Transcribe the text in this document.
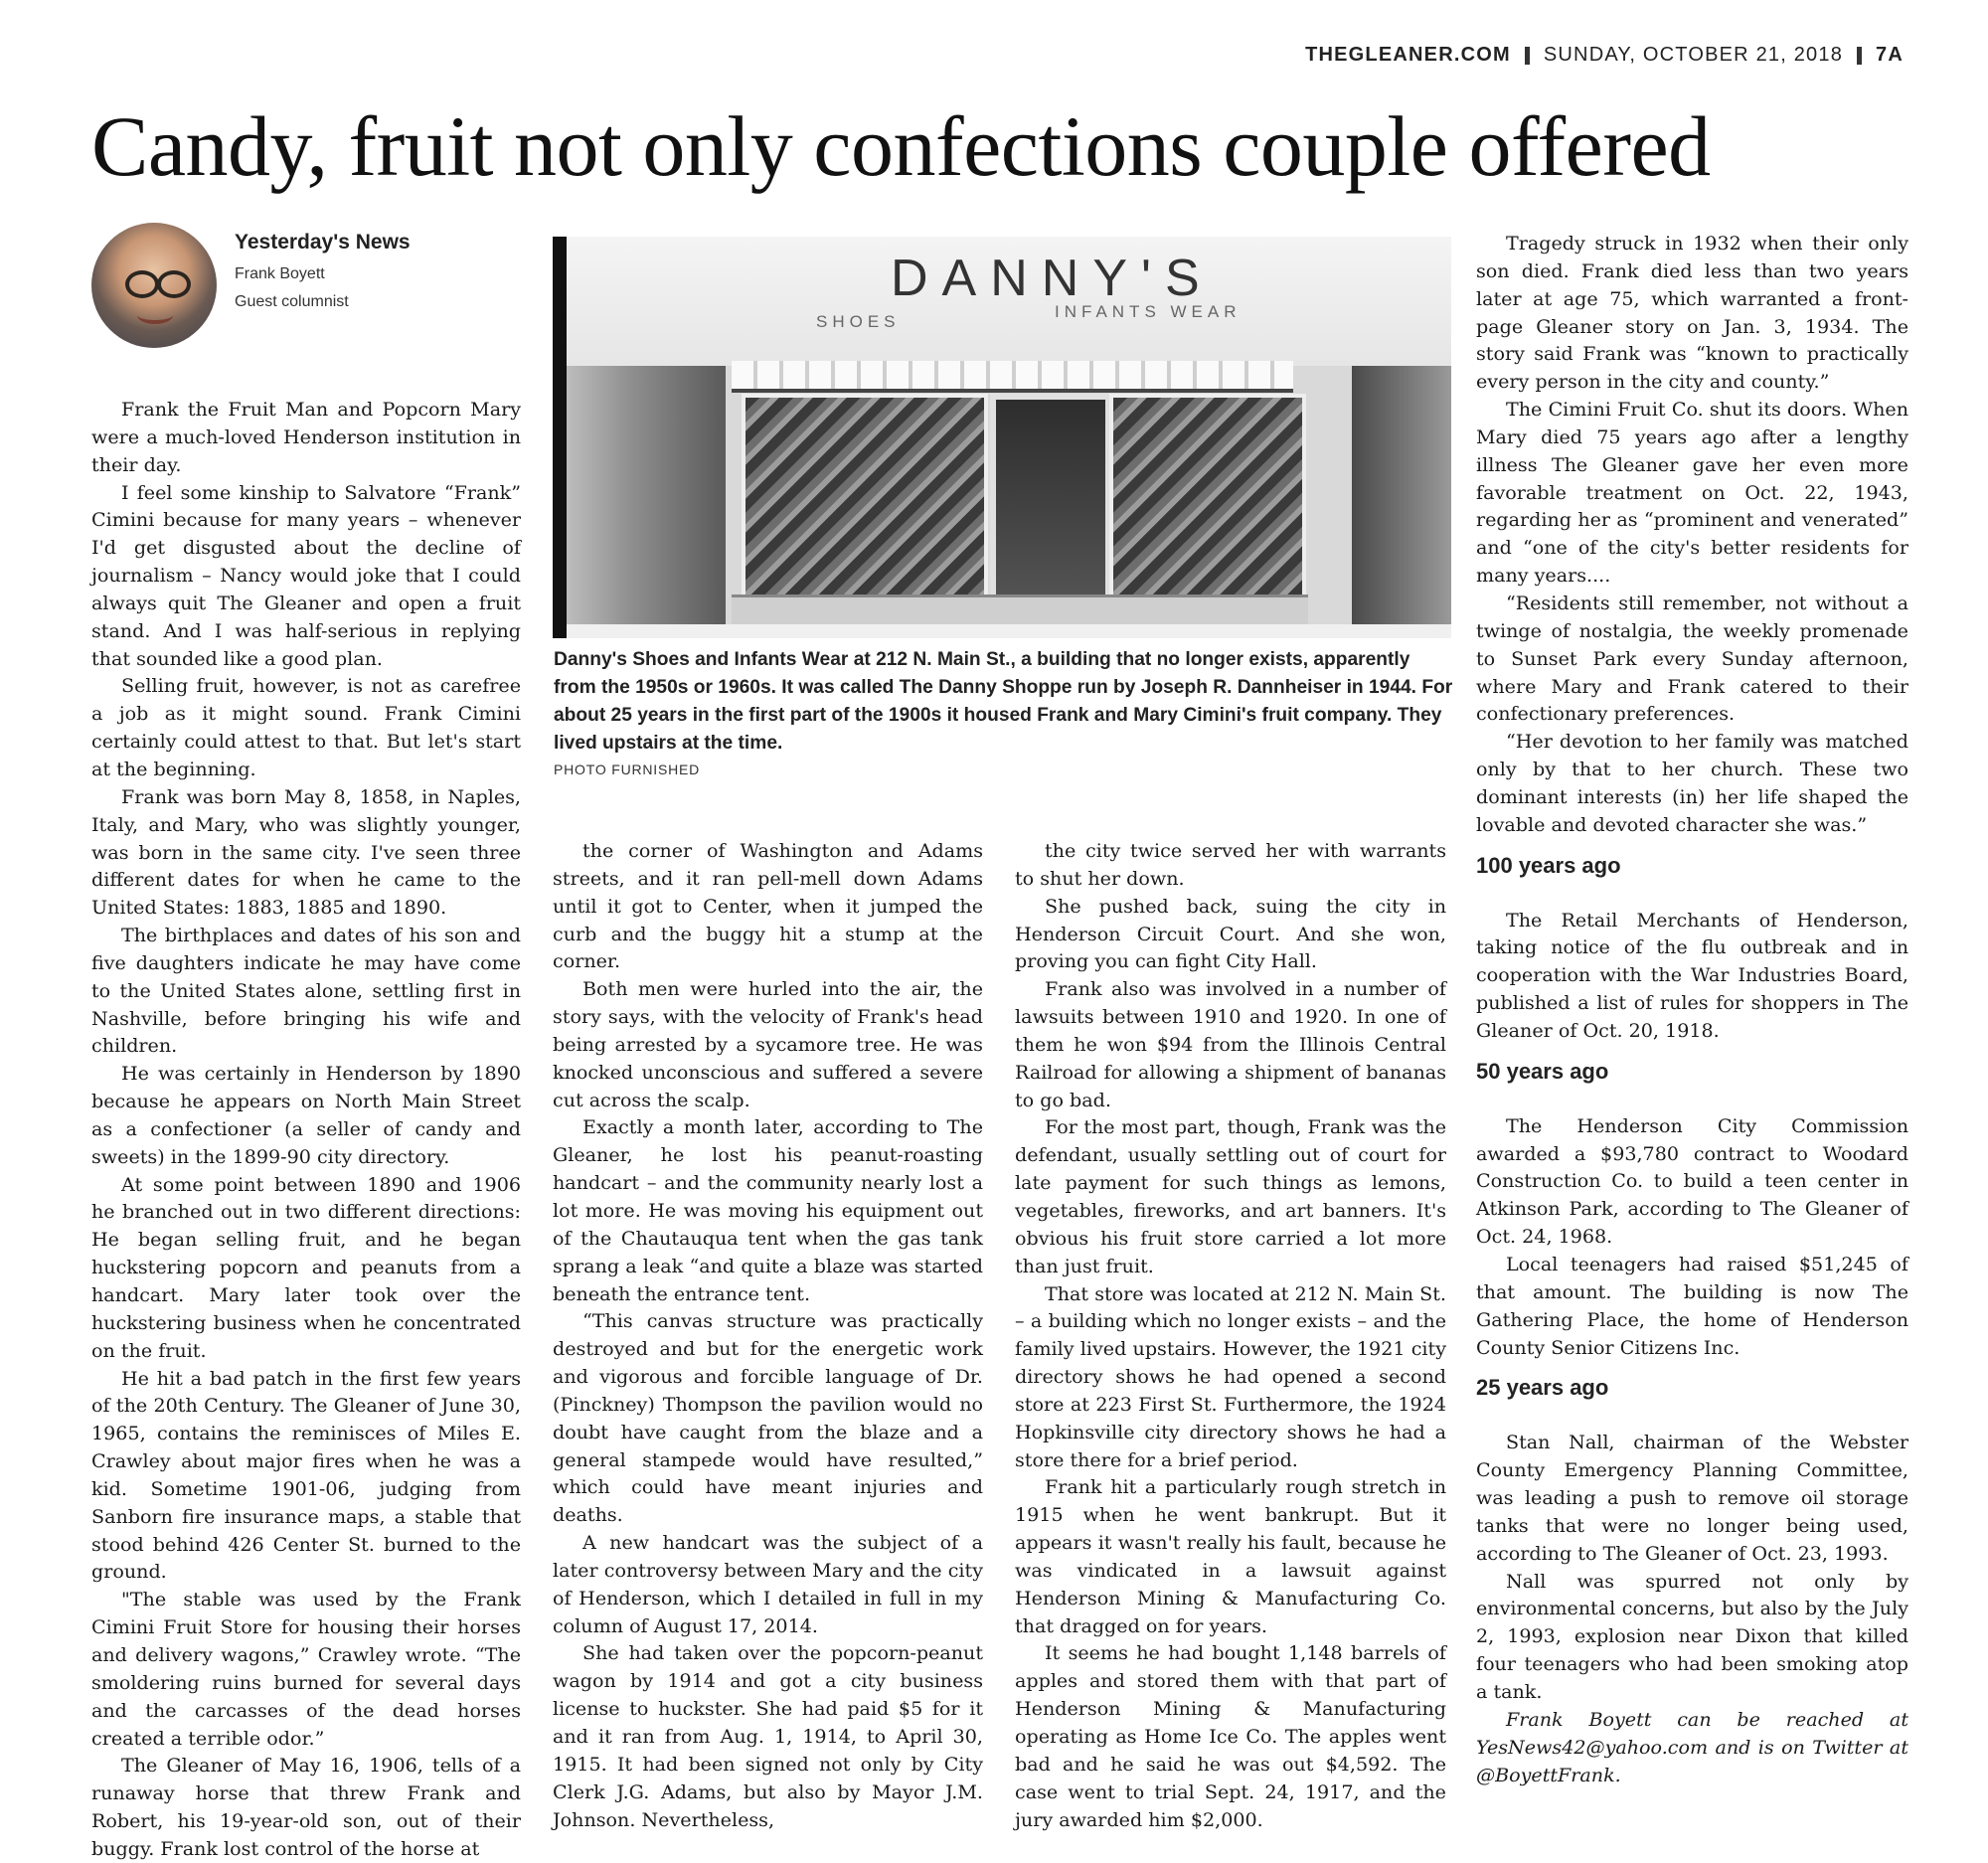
THEGLEANER.COM SUNDAY, OCTOBER 21, 2018 7A
Candy, fruit not only confections couple offered
Yesterday's News
Frank Boyett
Guest columnist	DANNY'S
SHOES
INFANTS WEAR

Danny's Shoes and Infants Wear at 212 N. Main St., a building that no longer exists, apparently from the 1950s or 1960s. It was called The Danny Shoppe run by Joseph R. Dannheiser in 1944. For about 25 years in the first part of the 1900s it housed Frank and Mary Cimini's fruit company. They lived upstairs at the time.

PHOTO FURNISHED

Frank the Fruit Man and Popcorn Mary were a much-loved Henderson institution in their day.

I feel some kinship to Salvatore “Frank” Cimini because for many years – whenever I'd get disgusted about the decline of journalism – Nancy would joke that I could always quit The Gleaner and open a fruit stand. And I was half-serious in replying that sounded like a good plan.

Selling fruit, however, is not as carefree a job as it might sound. Frank Cimini certainly could attest to that. But let's start at the beginning.

Frank was born May 8, 1858, in Naples, Italy, and Mary, who was slightly younger, was born in the same city. I've seen three different dates for when he came to the United States: 1883, 1885 and 1890.

The birthplaces and dates of his son and five daughters indicate he may have come to the United States alone, settling first in Nashville, before bringing his wife and children.

He was certainly in Henderson by 1890 because he appears on North Main Street as a confectioner (a seller of candy and sweets) in the 1899-90 city directory.

At some point between 1890 and 1906 he branched out in two different directions: He began selling fruit, and he began huckstering popcorn and peanuts from a handcart. Mary later took over the huckstering business when he concentrated on the fruit.

He hit a bad patch in the first few years of the 20th Century. The Gleaner of June 30, 1965, contains the reminisces of Miles E. Crawley about major fires when he was a kid. Sometime 1901-06, judging from Sanborn fire insurance maps, a stable that stood behind 426 Center St. burned to the ground.

"The stable was used by the Frank Cimini Fruit Store for housing their horses and delivery wagons,” Crawley wrote. “The smoldering ruins burned for several days and the carcasses of the dead horses created a terrible odor.”

The Gleaner of May 16, 1906, tells of a runaway horse that threw Frank and Robert, his 19-year-old son, out of their buggy. Frank lost control of the horse at

the corner of Washington and Adams streets, and it ran pell-mell down Adams until it got to Center, when it jumped the curb and the buggy hit a stump at the corner.

Both men were hurled into the air, the story says, with the velocity of Frank's head being arrested by a sycamore tree. He was knocked unconscious and suffered a severe cut across the scalp.

Exactly a month later, according to The Gleaner, he lost his peanut-roasting handcart – and the community nearly lost a lot more. He was moving his equipment out of the Chautauqua tent when the gas tank sprang a leak “and quite a blaze was started beneath the entrance tent.

“This canvas structure was practically destroyed and but for the energetic work and vigorous and forcible language of Dr. (Pinckney) Thompson the pavilion would no doubt have caught from the blaze and a general stampede would have resulted,” which could have meant injuries and deaths.

A new handcart was the subject of a later controversy between Mary and the city of Henderson, which I detailed in full in my column of August 17, 2014.

She had taken over the popcorn-peanut wagon by 1914 and got a city business license to huckster. She had paid $5 for it and it ran from Aug. 1, 1914, to April 30, 1915. It had been signed not only by City Clerk J.G. Adams, but also by Mayor J.M. Johnson. Nevertheless,

the city twice served her with warrants to shut her down.

She pushed back, suing the city in Henderson Circuit Court. And she won, proving you can fight City Hall.

Frank also was involved in a number of lawsuits between 1910 and 1920. In one of them he won $94 from the Illinois Central Railroad for allowing a shipment of bananas to go bad.

For the most part, though, Frank was the defendant, usually settling out of court for late payment for such things as lemons, vegetables, fireworks, and art banners. It's obvious his fruit store carried a lot more than just fruit.

That store was located at 212 N. Main St. – a building which no longer exists – and the family lived upstairs. However, the 1921 city directory shows he had opened a second store at 223 First St. Furthermore, the 1924 Hopkinsville city directory shows he had a store there for a brief period.

Frank hit a particularly rough stretch in 1915 when he went bankrupt. But it appears it wasn't really his fault, because he was vindicated in a lawsuit against Henderson Mining & Manufacturing Co. that dragged on for years.

It seems he had bought 1,148 barrels of apples and stored them with that part of Henderson Mining & Manufacturing operating as Home Ice Co. The apples went bad and he said he was out $4,592. The case went to trial Sept. 24, 1917, and the jury awarded him $2,000.

Tragedy struck in 1932 when their only son died. Frank died less than two years later at age 75, which warranted a front-page Gleaner story on Jan. 3, 1934. The story said Frank was “known to practically every person in the city and county.”

The Cimini Fruit Co. shut its doors. When Mary died 75 years ago after a lengthy illness The Gleaner gave her even more favorable treatment on Oct. 22, 1943, regarding her as “prominent and venerated” and “one of the city's better residents for many years....

“Residents still remember, not without a twinge of nostalgia, the weekly promenade to Sunset Park every Sunday afternoon, where Mary and Frank catered to their confectionary preferences.

“Her devotion to her family was matched only by that to her church. These two dominant interests (in) her life shaped the lovable and devoted character she was.”

100 years ago

The Retail Merchants of Henderson, taking notice of the flu outbreak and in cooperation with the War Industries Board, published a list of rules for shoppers in The Gleaner of Oct. 20, 1918.

50 years ago

The Henderson City Commission awarded a $93,780 contract to Woodard Construction Co. to build a teen center in Atkinson Park, according to The Gleaner of Oct. 24, 1968.

Local teenagers had raised $51,245 of that amount. The building is now The Gathering Place, the home of Henderson County Senior Citizens Inc.

25 years ago

Stan Nall, chairman of the Webster County Emergency Planning Committee, was leading a push to remove oil storage tanks that were no longer being used, according to The Gleaner of Oct. 23, 1993.

Nall was spurred not only by environmental concerns, but also by the July 2, 1993, explosion near Dixon that killed four teenagers who had been smoking atop a tank.

Frank Boyett can be reached at YesNews42@yahoo.com and is on Twitter at @BoyettFrank.
